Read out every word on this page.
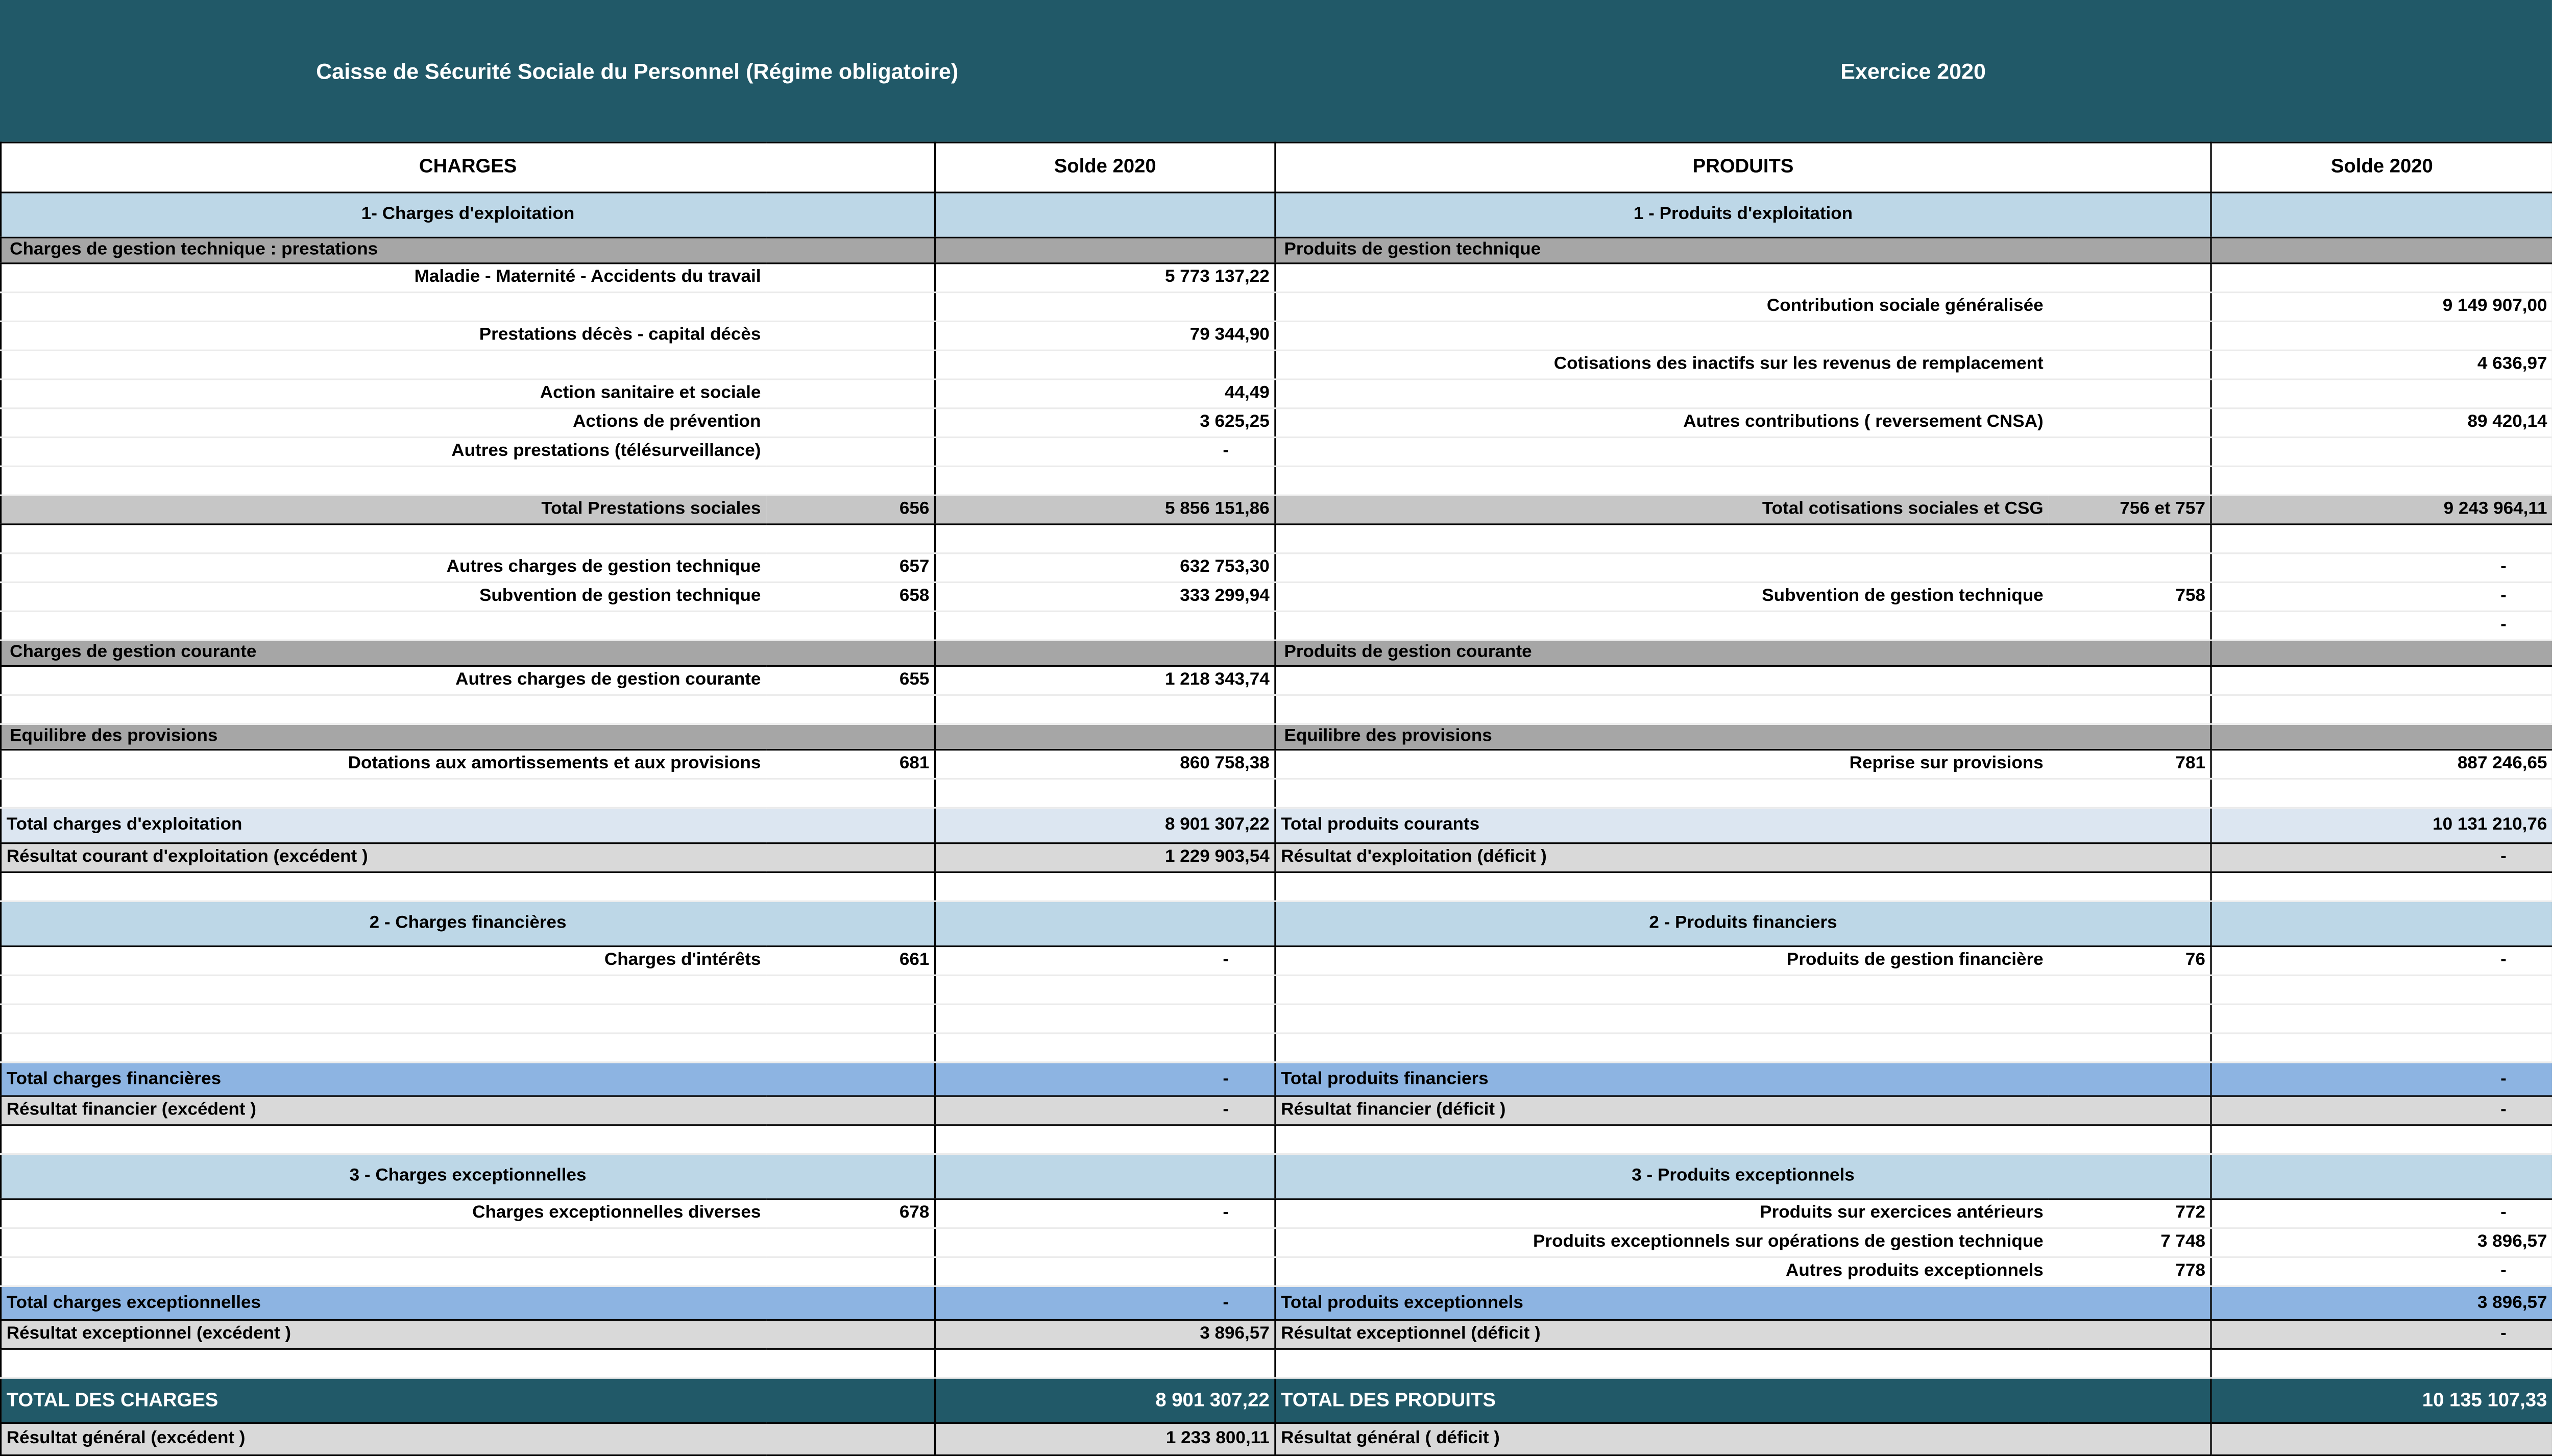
Caisse de Sécurité Sociale du Personnel (Régime obligatoire)	Exercice 2020
CHARGES		Solde 2020	PRODUITS		Solde 2020
1- Charges d'exploitation			1 - Produits d'exploitation		
Charges de gestion technique : prestations			Produits de gestion technique		
Maladie - Maternité - Accidents du travail		5 773 137,22			
			Contribution sociale généralisée		9 149 907,00
Prestations décès - capital décès		79 344,90			
			Cotisations des inactifs sur les revenus de remplacement		4 636,97
Action sanitaire et sociale		44,49			
Actions de prévention		3 625,25	Autres contributions ( reversement CNSA)		89 420,14
Autres prestations (télésurveillance)		-			

Total Prestations sociales	656	5 856 151,86	Total cotisations sociales et CSG	756 et 757	9 243 964,11

Autres charges de gestion technique	657	632 753,30			-
Subvention de gestion technique	658	333 299,94	Subvention de gestion technique	758	-
					-
Charges de gestion courante			Produits de gestion courante		
Autres charges de gestion courante	655	1 218 343,74			

Equilibre des provisions			Equilibre des provisions		
Dotations aux amortissements et aux provisions	681	860 758,38	Reprise sur provisions	781	887 246,65

Total charges d'exploitation		8 901 307,22	Total produits courants		10 131 210,76
Résultat courant d'exploitation (excédent )		1 229 903,54	Résultat d'exploitation (déficit )		-

2 - Charges financières			2 - Produits financiers		
Charges d'intérêts	661	-	Produits de gestion financière	76	-

Total charges financières		-	Total produits financiers		-
Résultat financier (excédent )		-	Résultat financier (déficit )		-

3 - Charges exceptionnelles			3 - Produits exceptionnels		
Charges exceptionnelles diverses	678	-	Produits sur exercices antérieurs	772	-
			Produits exceptionnels sur opérations de gestion technique	7 748	3 896,57
			Autres produits exceptionnels	778	-
Total charges exceptionnelles		-	Total produits exceptionnels		3 896,57
Résultat exceptionnel (excédent )		3 896,57	Résultat exceptionnel (déficit )		-

TOTAL DES CHARGES		8 901 307,22	TOTAL DES PRODUITS		10 135 107,33
Résultat général (excédent )		1 233 800,11	Résultat général ( déficit )		
